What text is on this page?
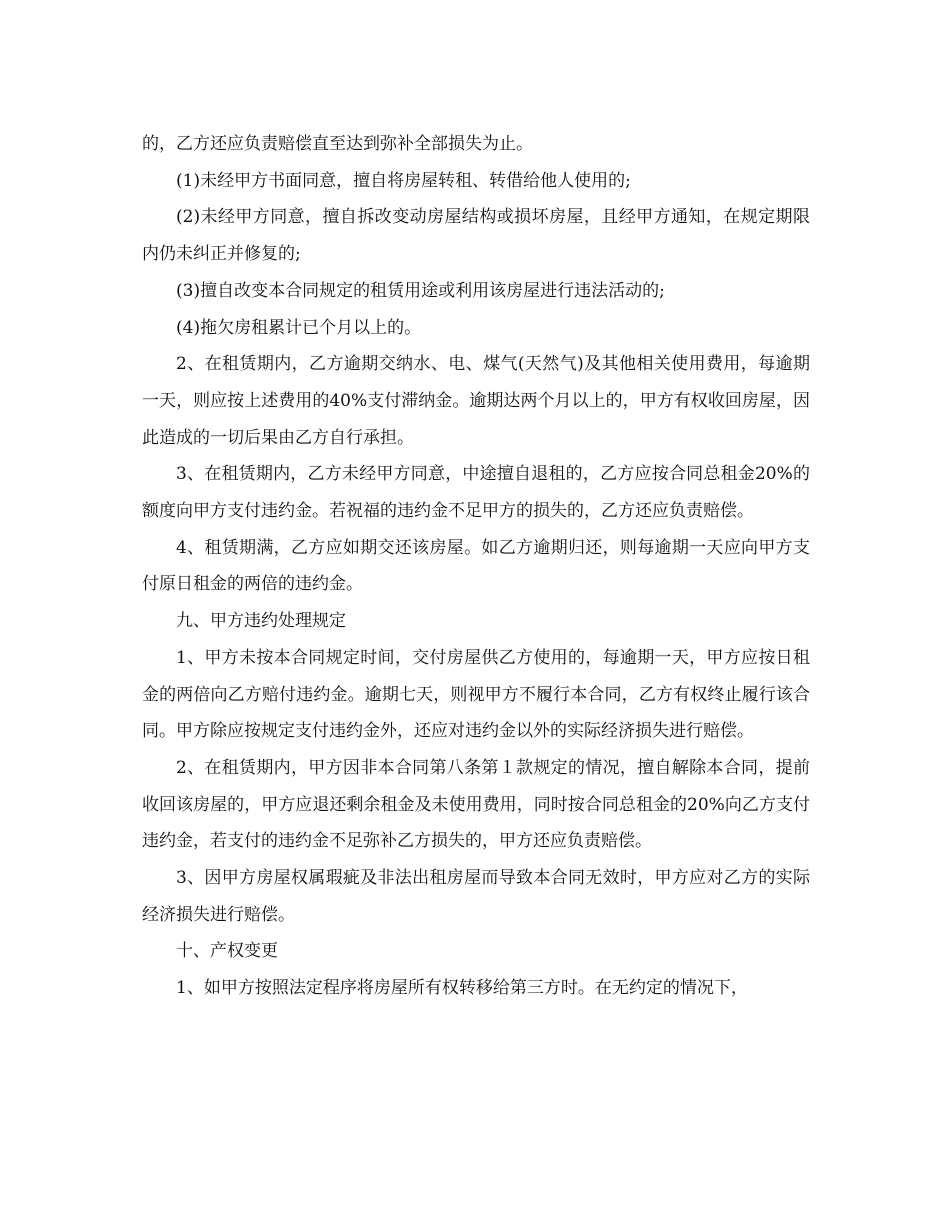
的，乙方还应负责赔偿直至达到弥补全部损失为止。

(1)未经甲方书面同意，擅自将房屋转租、转借给他人使用的;

(2)未经甲方同意，擅自拆改变动房屋结构或损坏房屋，且经甲方通知，在规定期限内仍未纠正并修复的;

(3)擅自改变本合同规定的租赁用途或利用该房屋进行违法活动的;

(4)拖欠房租累计已个月以上的。

2、在租赁期内，乙方逾期交纳水、电、煤气(天然气)及其他相关使用费用，每逾期一天，则应按上述费用的40%支付滞纳金。逾期达两个月以上的，甲方有权收回房屋，因此造成的一切后果由乙方自行承担。

3、在租赁期内，乙方未经甲方同意，中途擅自退租的，乙方应按合同总租金20%的额度向甲方支付违约金。若祝福的违约金不足甲方的损失的，乙方还应负责赔偿。

4、租赁期满，乙方应如期交还该房屋。如乙方逾期归还，则每逾期一天应向甲方支付原日租金的两倍的违约金。

九、甲方违约处理规定

1、甲方未按本合同规定时间，交付房屋供乙方使用的，每逾期一天，甲方应按日租金的两倍向乙方赔付违约金。逾期七天，则视甲方不履行本合同，乙方有权终止履行该合同。甲方除应按规定支付违约金外，还应对违约金以外的实际经济损失进行赔偿。

2、在租赁期内，甲方因非本合同第八条第１款规定的情况，擅自解除本合同，提前收回该房屋的，甲方应退还剩余租金及未使用费用，同时按合同总租金的20%向乙方支付违约金，若支付的违约金不足弥补乙方损失的，甲方还应负责赔偿。

3、因甲方房屋权属瑕疵及非法出租房屋而导致本合同无效时，甲方应对乙方的实际经济损失进行赔偿。

十、产权变更

1、如甲方按照法定程序将房屋所有权转移给第三方时。在无约定的情况下，
